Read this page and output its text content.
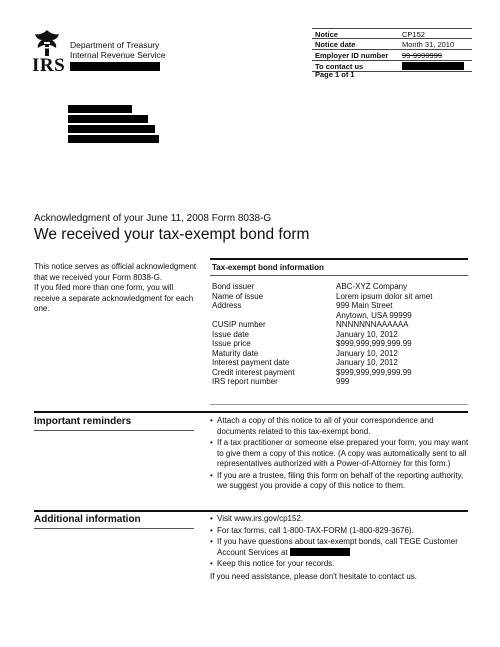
IRS
Department of Treasury
Internal Revenue Service
Notice	CP152
Notice date	Month 31, 2010
Employer ID number	99-9999999
To contact us
Page 1 of 1
Acknowledgment of your June 11, 2008 Form 8038-G
We received your tax-exempt bond form

This notice serves as official acknowledgment that we received your Form 8038-G.

If you filed more than one form, you will receive a separate acknowledgment for each one.

Tax-exempt bond information
Bond issuer	ABC-XYZ Company
Name of issue	Lorem ipsum dolor sit amet
Address	999 Main Street
Anytown, USA 99999
CUSIP number	NNNNNNNAAAAAA
Issue date	January 10, 2012
Issue price	$999,999,999,999.99
Maturity date	January 10, 2012
Interest payment date	January 10, 2012
Credit interest payment	$999,999,999,999.99
IRS report number	999
Important reminders	• Attach a copy of this notice to all of your correspondence and documents related to this tax-exempt bond.
• If a tax practitioner or someone else prepared your form, you may want to give them a copy of this notice. (A copy was automatically sent to all representatives authorized with a Power-of-Attorney for this form.)
• If you are a trustee, filing this form on behalf of the reporting authority, we suggest you provide a copy of this notice to them.
Additional information	• Visit www.irs.gov/cp152.
• For tax forms, call 1-800-TAX-FORM (1-800-829-3676).
• If you have questions about tax-exempt bonds, call TEGE Customer Account Services at
• Keep this notice for your records.
If you need assistance, please don't hesitate to contact us.
